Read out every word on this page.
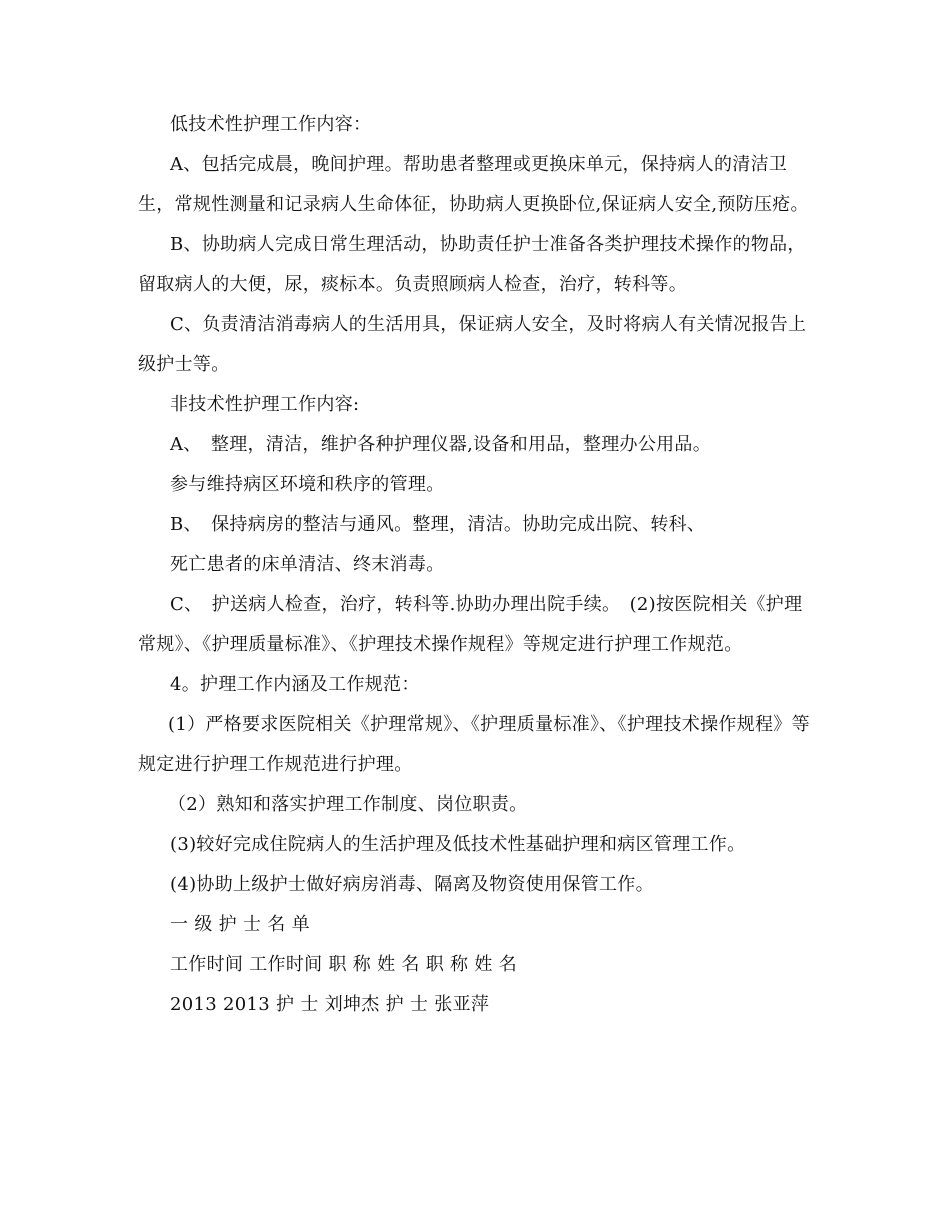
低技术性护理工作内容：

A、包括完成晨，晚间护理。帮助患者整理或更换床单元，保持病人的清洁卫生，常规性测量和记录病人生命体征，协助病人更换卧位,保证病人安全,预防压疮。

B、协助病人完成日常生理活动，协助责任护士准备各类护理技术操作的物品，留取病人的大便，尿，痰标本。负责照顾病人检查，治疗，转科等。

C、负责清洁消毒病人的生活用具，保证病人安全，及时将病人有关情况报告上级护士等。

非技术性护理工作内容:

A、　整理，清洁，维护各种护理仪器,设备和用品，整理办公用品。

参与维持病区环境和秩序的管理。

B、　保持病房的整洁与通风。整理，清洁。协助完成出院、转科、

死亡患者的床单清洁、终末消毒。

C、　护送病人检查，治疗，转科等.协助办理出院手续。　(2)按医院相关《护理常规》、《护理质量标准》、《护理技术操作规程》等规定进行护理工作规范。

4。护理工作内涵及工作规范：

(1）严格要求医院相关《护理常规》、《护理质量标准》、《护理技术操作规程》等规定进行护理工作规范进行护理。

（2）熟知和落实护理工作制度、岗位职责。

(3)较好完成住院病人的生活护理及低技术性基础护理和病区管理工作。

(4)协助上级护士做好病房消毒、隔离及物资使用保管工作。

一 级 护 士 名 单

工作时间 工作时间 职 称 姓 名 职 称 姓 名

2013 2013 护 士 刘坤杰 护 士 张亚萍
